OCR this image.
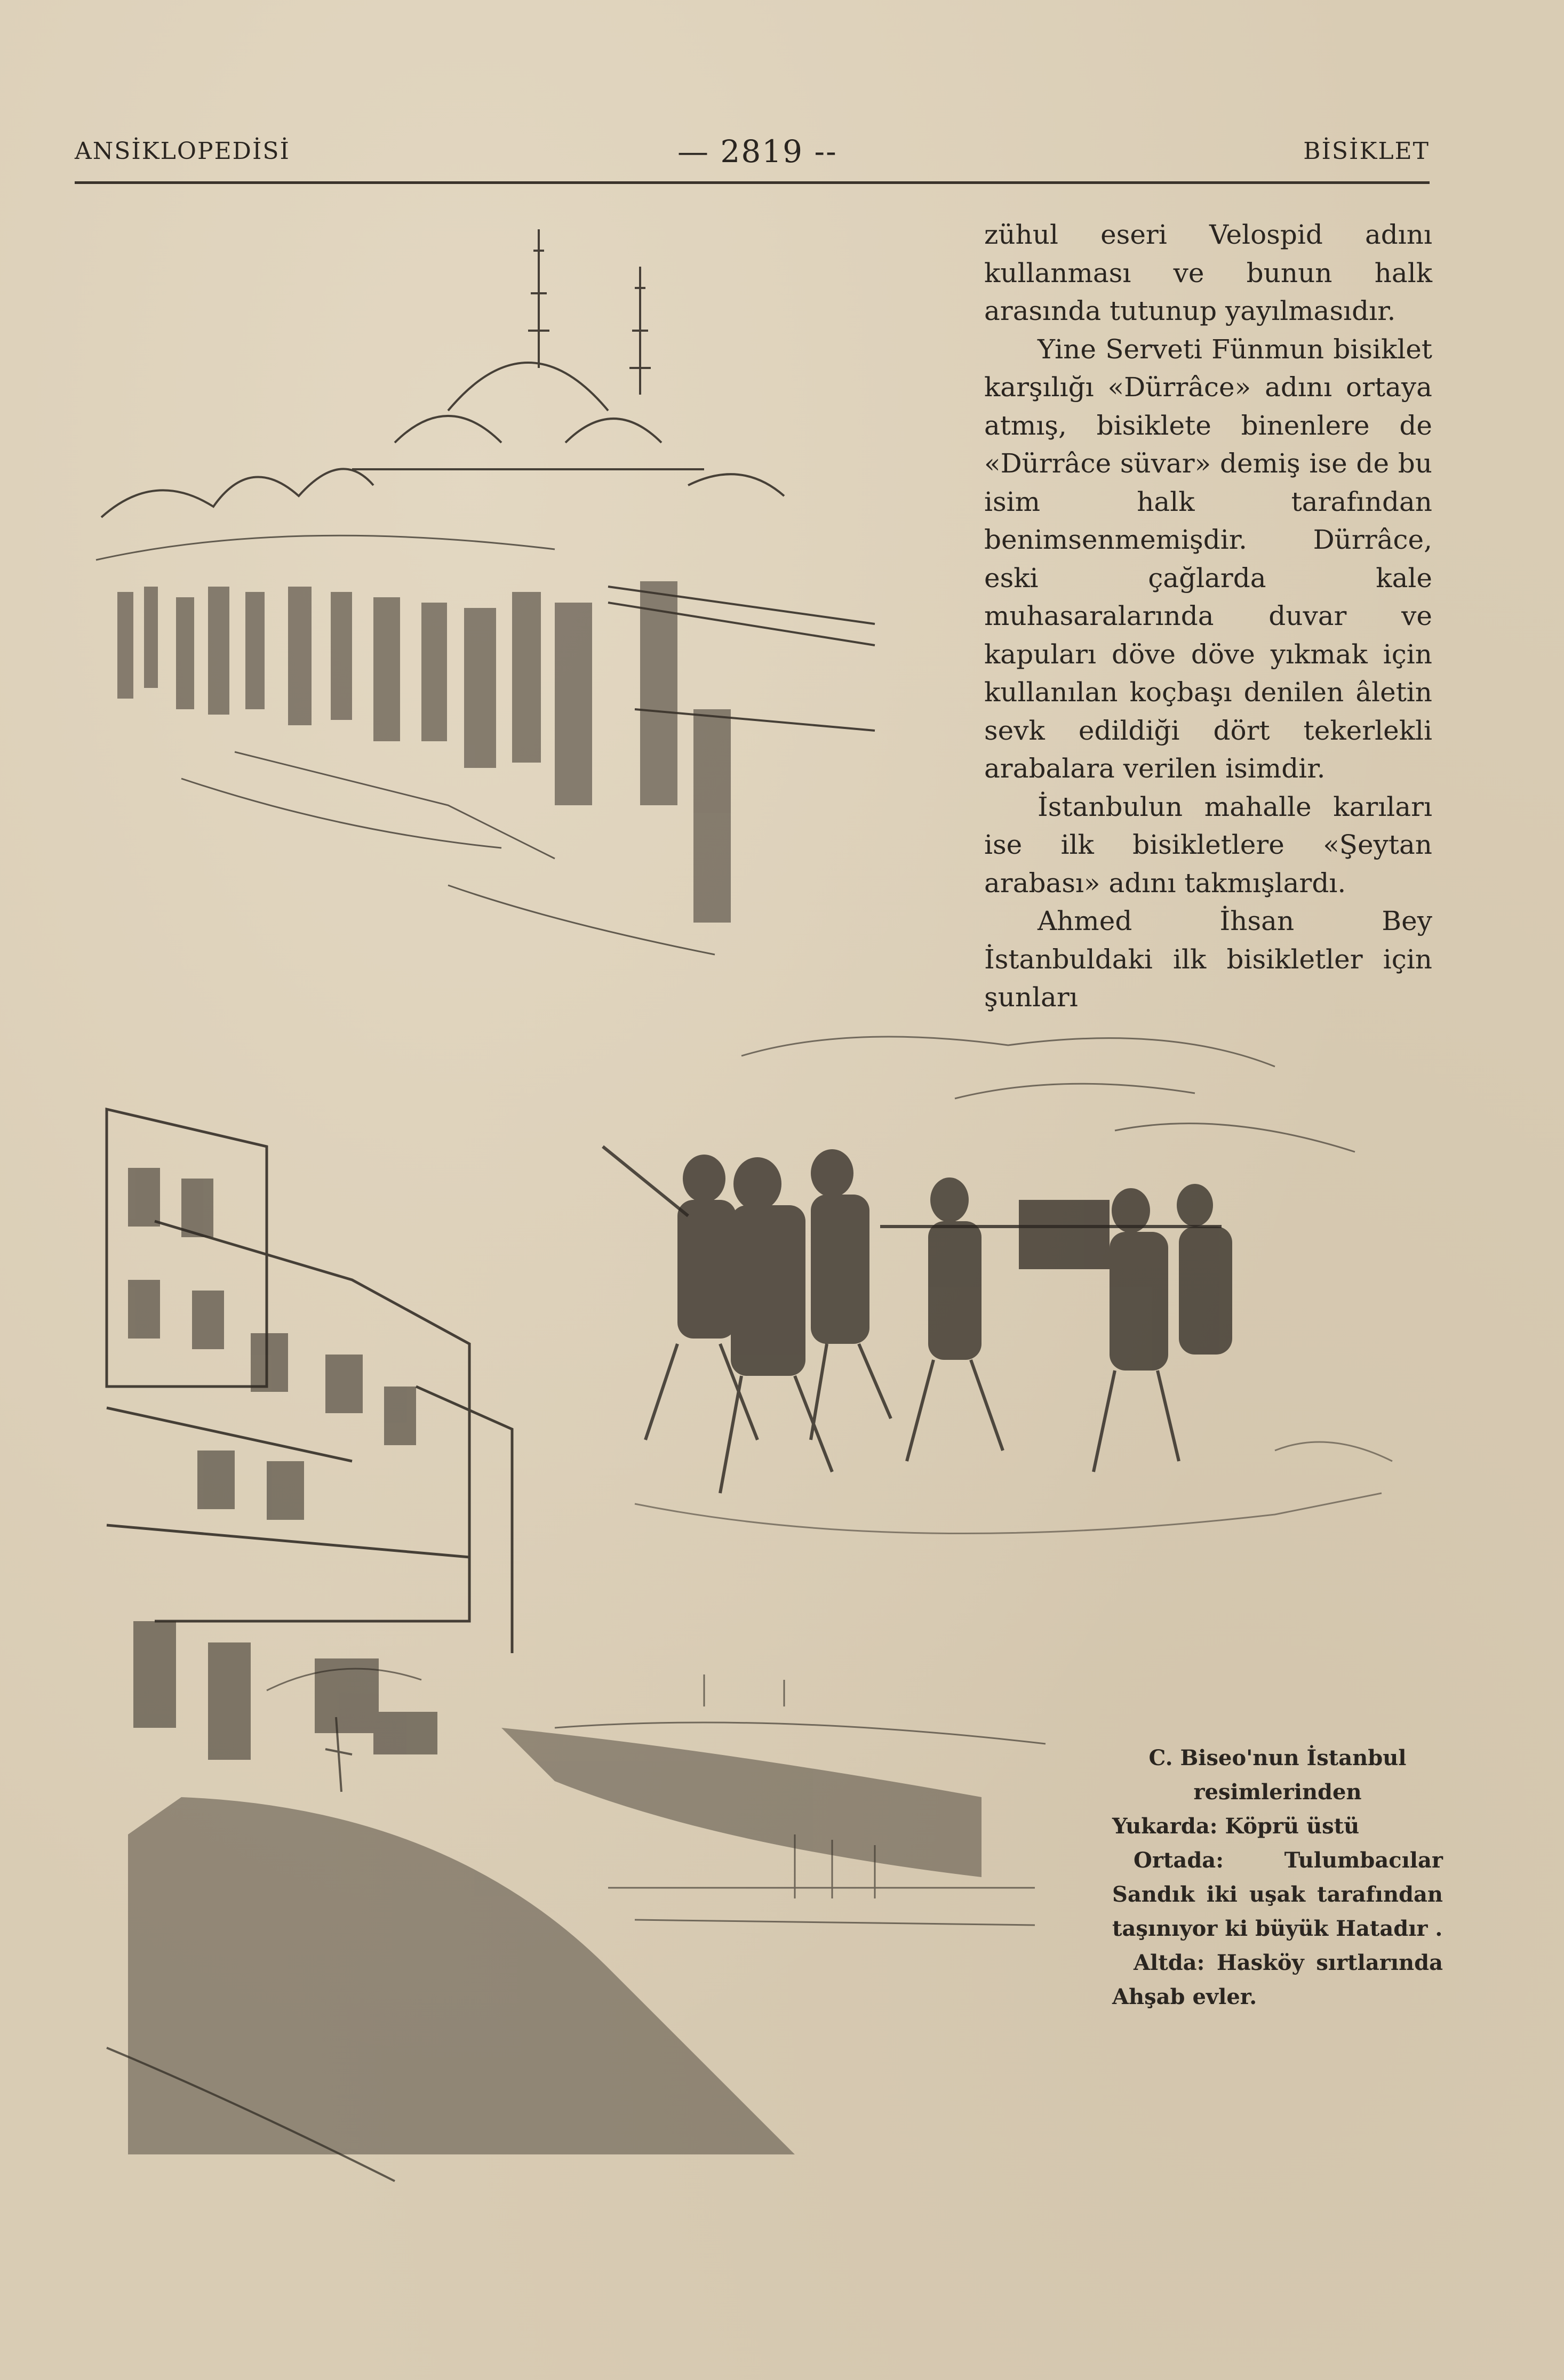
ANSİKLOPEDİSİ	— 2819 --	BİSİKLET

zühul eseri Velospid adını kullanması ve bunun halk arasında tutunup yayılmasıdır.

Yine Serveti Fünmun bisiklet karşılığı «Dürrâce» adını ortaya atmış, bisiklete binenlere de «Dürrâce süvar» demiş ise de bu isim halk tarafından benimsenmemişdir. Dürrâce, eski çağlarda kale muhasaralarında duvar ve kapuları döve döve yıkmak için kullanılan koçbaşı denilen âletin sevk edildiği dört tekerlekli arabalara verilen isimdir.

İstanbulun mahalle karıları ise ilk bisikletlere «Şeytan arabası» adını takmışlardı.

Ahmed İhsan Bey İstanbuldaki ilk bisikletler için şunları

C. Biseo'nun İstanbul resimlerinden

Yukarda: Köprü üstü

Ortada: Tulumbacılar Sandık iki uşak tarafından taşınıyor ki büyük Hatadır .

Altda: Hasköy sırtlarında Ahşab evler.
